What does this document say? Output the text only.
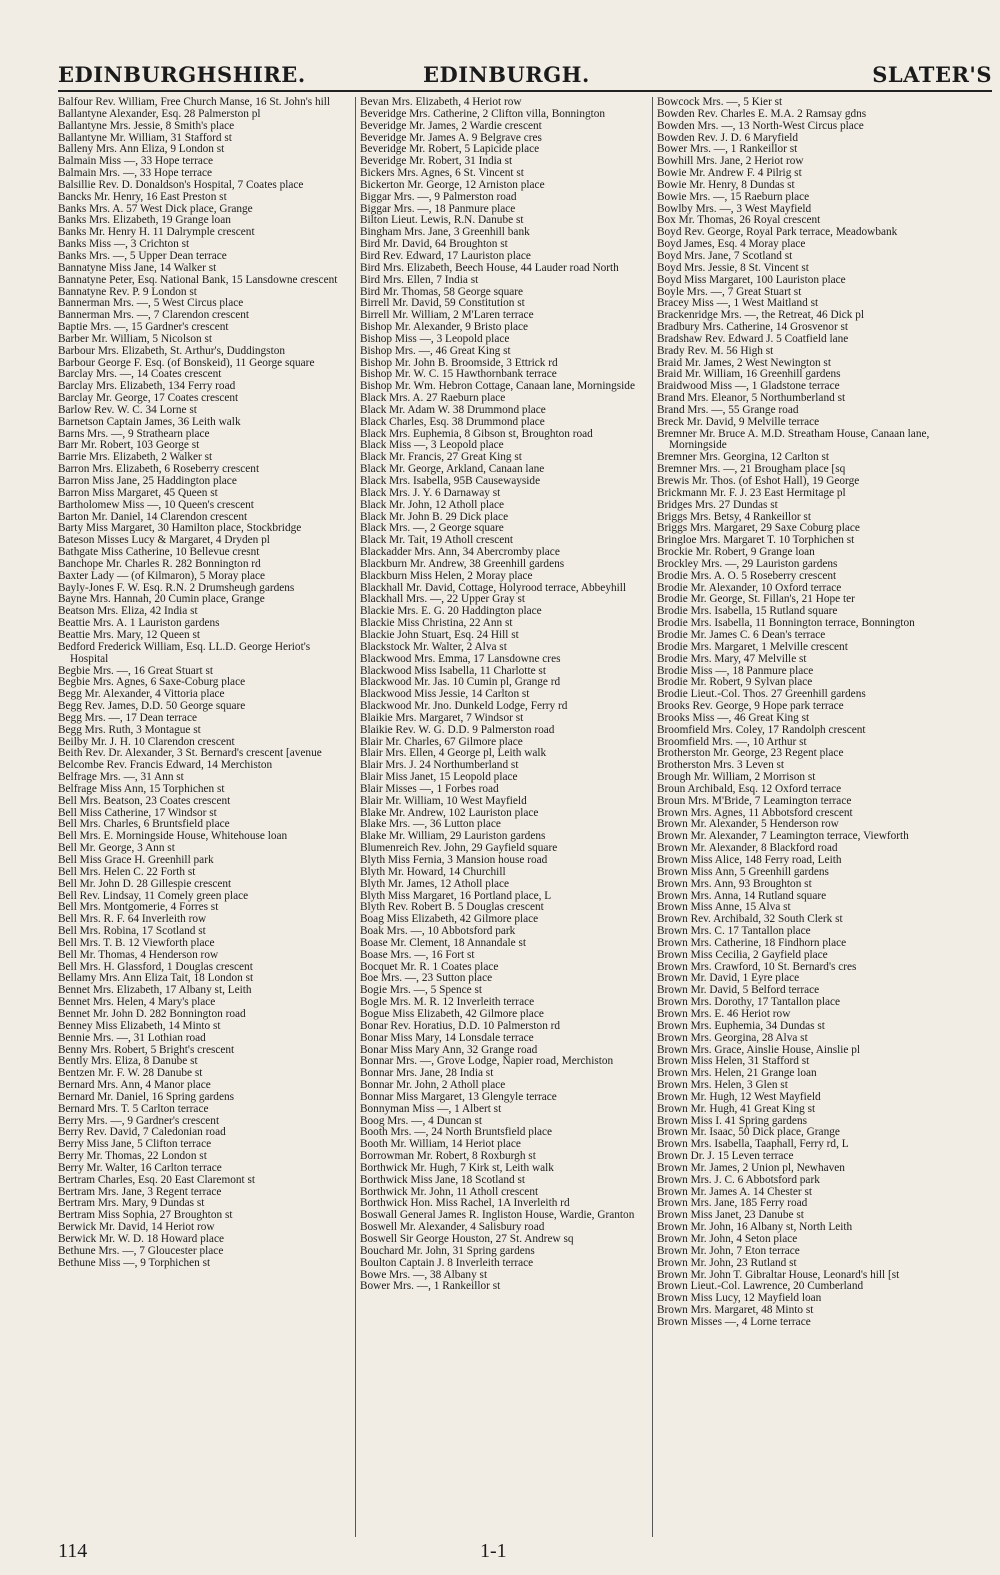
EDINBURGHSHIRE.	EDINBURGH.	SLATER'S
Balfour Rev. William, Free Church Manse, 16 St. John's hill
Ballantyne Alexander, Esq. 28 Palmerston pl
Ballantyne Mrs. Jessie, 8 Smith's place
Ballantyne Mr. William, 31 Stafford st
Balleny Mrs. Ann Eliza, 9 London st
Balmain Miss —, 33 Hope terrace
Balmain Mrs. —, 33 Hope terrace
Balsillie Rev. D. Donaldson's Hospital, 7 Coates place
Bancks Mr. Henry, 16 East Preston st
Banks Mrs. A. 57 West Dick place, Grange
Banks Mrs. Elizabeth, 19 Grange loan
Banks Mr. Henry H. 11 Dalrymple crescent
Banks Miss —, 3 Crichton st
Banks Mrs. —, 5 Upper Dean terrace
Bannatyne Miss Jane, 14 Walker st
Bannatyne Peter, Esq. National Bank, 15 Lansdowne crescent
Bannatyne Rev. P. 9 London st
Bannerman Mrs. —, 5 West Circus place
Bannerman Mrs. —, 7 Clarendon crescent
Baptie Mrs. —, 15 Gardner's crescent
Barber Mr. William, 5 Nicolson st
Barbour Mrs. Elizabeth, St. Arthur's, Duddingston
Barbour George F. Esq. (of Bonskeid), 11 George square
Barclay Mrs. —, 14 Coates crescent
Barclay Mrs. Elizabeth, 134 Ferry road
Barclay Mr. George, 17 Coates crescent
Barlow Rev. W. C. 34 Lorne st
Barnetson Captain James, 36 Leith walk
Barns Mrs. —, 9 Strathearn place
Barr Mr. Robert, 103 George st
Barrie Mrs. Elizabeth, 2 Walker st
Barron Mrs. Elizabeth, 6 Roseberry crescent
Barron Miss Jane, 25 Haddington place
Barron Miss Margaret, 45 Queen st
Bartholomew Miss —, 10 Queen's crescent
Barton Mr. Daniel, 14 Clarendon crescent
Barty Miss Margaret, 30 Hamilton place, Stockbridge
Bateson Misses Lucy & Margaret, 4 Dryden pl
Bathgate Miss Catherine, 10 Bellevue cresnt
Banchope Mr. Charles R. 282 Bonnington rd
Baxter Lady — (of Kilmaron), 5 Moray place
Bayly-Jones F. W. Esq. R.N. 2 Drumsheugh gardens
Bayne Mrs. Hannah, 20 Cumin place, Grange
Beatson Mrs. Eliza, 42 India st
Beattie Mrs. A. 1 Lauriston gardens
Beattie Mrs. Mary, 12 Queen st
Bedford Frederick William, Esq. LL.D. George Heriot's Hospital
Begbie Mrs. —, 16 Great Stuart st
Begbie Mrs. Agnes, 6 Saxe-Coburg place
Begg Mr. Alexander, 4 Vittoria place
Begg Rev. James, D.D. 50 George square
Begg Mrs. —, 17 Dean terrace
Begg Mrs. Ruth, 3 Montague st
Beilby Mr. J. H. 10 Clarendon crescent
Beith Rev. Dr. Alexander, 3 St. Bernard's crescent [avenue
Belcombe Rev. Francis Edward, 14 Merchiston
Belfrage Mrs. —, 31 Ann st
Belfrage Miss Ann, 15 Torphichen st
Bell Mrs. Beatson, 23 Coates crescent
Bell Miss Catherine, 17 Windsor st
Bell Mrs. Charles, 6 Bruntsfield place
Bell Mrs. E. Morningside House, Whitehouse loan
Bell Mr. George, 3 Ann st
Bell Miss Grace H. Greenhill park
Bell Mrs. Helen C. 22 Forth st
Bell Mr. John D. 28 Gillespie crescent
Bell Rev. Lindsay, 11 Comely green place
Bell Mrs. Montgomerie, 4 Forres st
Bell Mrs. R. F. 64 Inverleith row
Bell Mrs. Robina, 17 Scotland st
Bell Mrs. T. B. 12 Viewforth place
Bell Mr. Thomas, 4 Henderson row
Bell Mrs. H. Glassford, 1 Douglas crescent
Bellamy Mrs. Ann Eliza Tait, 18 London st
Bennet Mrs. Elizabeth, 17 Albany st, Leith
Bennet Mrs. Helen, 4 Mary's place
Bennet Mr. John D. 282 Bonnington road
Benney Miss Elizabeth, 14 Minto st
Bennie Mrs. —, 31 Lothian road
Benny Mrs. Robert, 5 Bright's crescent
Bently Mrs. Eliza, 8 Danube st
Bentzen Mr. F. W. 28 Danube st
Bernard Mrs. Ann, 4 Manor place
Bernard Mr. Daniel, 16 Spring gardens
Bernard Mrs. T. 5 Carlton terrace
Berry Mrs. —, 9 Gardner's crescent
Berry Rev. David, 7 Caledonian road
Berry Miss Jane, 5 Clifton terrace
Berry Mr. Thomas, 22 London st
Berry Mr. Walter, 16 Carlton terrace
Bertram Charles, Esq. 20 East Claremont st
Bertram Mrs. Jane, 3 Regent terrace
Bertram Mrs. Mary, 9 Dundas st
Bertram Miss Sophia, 27 Broughton st
Berwick Mr. David, 14 Heriot row
Berwick Mr. W. D. 18 Howard place
Bethune Mrs. —, 7 Gloucester place
Bethune Miss —, 9 Torphichen st
Bevan Mrs. Elizabeth, 4 Heriot row
Beveridge Mrs. Catherine, 2 Clifton villa, Bonnington
Beveridge Mr. James, 2 Wardie crescent
Beveridge Mr. James A. 9 Belgrave cres
Beveridge Mr. Robert, 5 Lapicide place
Beveridge Mr. Robert, 31 India st
Bickers Mrs. Agnes, 6 St. Vincent st
Bickerton Mr. George, 12 Arniston place
Biggar Mrs. —, 9 Palmerston road
Biggar Mrs. —, 18 Panmure place
Bilton Lieut. Lewis, R.N. Danube st
Bingham Mrs. Jane, 3 Greenhill bank
Bird Mr. David, 64 Broughton st
Bird Rev. Edward, 17 Lauriston place
Bird Mrs. Elizabeth, Beech House, 44 Lauder road North
Bird Mrs. Ellen, 7 India st
Bird Mr. Thomas, 58 George square
Birrell Mr. David, 59 Constitution st
Birrell Mr. William, 2 M'Laren terrace
Bishop Mr. Alexander, 9 Bristo place
Bishop Miss —, 3 Leopold place
Bishop Mrs. —, 46 Great King st
Bishop Mr. John B. Broomside, 3 Ettrick rd
Bishop Mr. W. C. 15 Hawthornbank terrace
Bishop Mr. Wm. Hebron Cottage, Canaan lane, Morningside
Black Mrs. A. 27 Raeburn place
Black Mr. Adam W. 38 Drummond place
Black Charles, Esq. 38 Drummond place
Black Mrs. Euphemia, 8 Gibson st, Broughton road
Black Miss —, 3 Leopold place
Black Mr. Francis, 27 Great King st
Black Mr. George, Arkland, Canaan lane
Black Mrs. Isabella, 95B Causewayside
Black Mrs. J. Y. 6 Darnaway st
Black Mr. John, 12 Atholl place
Black Mr. John B. 29 Dick place
Black Mrs. —, 2 George square
Black Mr. Tait, 19 Atholl crescent
Blackadder Mrs. Ann, 34 Abercromby place
Blackburn Mr. Andrew, 38 Greenhill gardens
Blackburn Miss Helen, 2 Moray place
Blackhall Mr. David, Cottage, Holyrood terrace, Abbeyhill
Blackhall Mrs. —, 22 Upper Gray st
Blackie Mrs. E. G. 20 Haddington place
Blackie Miss Christina, 22 Ann st
Blackie John Stuart, Esq. 24 Hill st
Blackstock Mr. Walter, 2 Alva st
Blackwood Mrs. Emma, 17 Lansdowne cres
Blackwood Miss Isabella, 11 Charlotte st
Blackwood Mr. Jas. 10 Cumin pl, Grange rd
Blackwood Miss Jessie, 14 Carlton st
Blackwood Mr. Jno. Dunkeld Lodge, Ferry rd
Blaikie Mrs. Margaret, 7 Windsor st
Blaikie Rev. W. G. D.D. 9 Palmerston road
Blair Mr. Charles, 67 Gilmore place
Blair Mrs. Ellen, 4 George pl, Leith walk
Blair Mrs. J. 24 Northumberland st
Blair Miss Janet, 15 Leopold place
Blair Misses —, 1 Forbes road
Blair Mr. William, 10 West Mayfield
Blake Mr. Andrew, 102 Lauriston place
Blake Mrs. —, 36 Lutton place
Blake Mr. William, 29 Lauriston gardens
Blumenreich Rev. John, 29 Gayfield square
Blyth Miss Fernia, 3 Mansion house road
Blyth Mr. Howard, 14 Churchill
Blyth Mr. James, 12 Atholl place
Blyth Miss Margaret, 16 Portland place, L
Blyth Rev. Robert B. 5 Douglas crescent
Boag Miss Elizabeth, 42 Gilmore place
Boak Mrs. —, 10 Abbotsford park
Boase Mr. Clement, 18 Annandale st
Boase Mrs. —, 16 Fort st
Bocquet Mr. R. 1 Coates place
Boe Mrs. —, 23 Sutton place
Bogie Mrs. —, 5 Spence st
Bogle Mrs. M. R. 12 Inverleith terrace
Bogue Miss Elizabeth, 42 Gilmore place
Bonar Rev. Horatius, D.D. 10 Palmerston rd
Bonar Miss Mary, 14 Lonsdale terrace
Bonar Miss Mary Ann, 32 Grange road
Bonnar Mrs. —, Grove Lodge, Napier road, Merchiston
Bonnar Mrs. Jane, 28 India st
Bonnar Mr. John, 2 Atholl place
Bonnar Miss Margaret, 13 Glengyle terrace
Bonnyman Miss —, 1 Albert st
Boog Mrs. —, 4 Duncan st
Booth Mrs. —, 24 North Bruntsfield place
Booth Mr. William, 14 Heriot place
Borrowman Mr. Robert, 8 Roxburgh st
Borthwick Mr. Hugh, 7 Kirk st, Leith walk
Borthwick Miss Jane, 18 Scotland st
Borthwick Mr. John, 11 Atholl crescent
Borthwick Hon. Miss Rachel, 1A Inverleith rd
Boswall General James R. Ingliston House, Wardie, Granton
Boswell Mr. Alexander, 4 Salisbury road
Boswell Sir George Houston, 27 St. Andrew sq
Bouchard Mr. John, 31 Spring gardens
Boulton Captain J. 8 Inverleith terrace
Bowe Mrs. —, 38 Albany st
Bower Mrs. —, 1 Rankeillor st
Bowcock Mrs. —, 5 Kier st
Bowden Rev. Charles E. M.A. 2 Ramsay gdns
Bowden Mrs. —, 13 North-West Circus place
Bowden Rev. J. D. 6 Maryfield
Bower Mrs. —, 1 Rankeillor st
Bowhill Mrs. Jane, 2 Heriot row
Bowie Mr. Andrew F. 4 Pilrig st
Bowie Mr. Henry, 8 Dundas st
Bowie Mrs. —, 15 Raeburn place
Bowlby Mrs. —, 3 West Mayfield
Box Mr. Thomas, 26 Royal crescent
Boyd Rev. George, Royal Park terrace, Meadowbank
Boyd James, Esq. 4 Moray place
Boyd Mrs. Jane, 7 Scotland st
Boyd Mrs. Jessie, 8 St. Vincent st
Boyd Miss Margaret, 100 Lauriston place
Boyle Mrs. —, 7 Great Stuart st
Bracey Miss —, 1 West Maitland st
Brackenridge Mrs. —, the Retreat, 46 Dick pl
Bradbury Mrs. Catherine, 14 Grosvenor st
Bradshaw Rev. Edward J. 5 Coatfield lane
Brady Rev. M. 56 High st
Braid Mr. James, 2 West Newington st
Braid Mr. William, 16 Greenhill gardens
Braidwood Miss —, 1 Gladstone terrace
Brand Mrs. Eleanor, 5 Northumberland st
Brand Mrs. —, 55 Grange road
Breck Mr. David, 9 Melville terrace
Bremner Mr. Bruce A. M.D. Streatham House, Canaan lane, Morningside
Bremner Mrs. Georgina, 12 Carlton st
Bremner Mrs. —, 21 Brougham place [sq
Brewis Mr. Thos. (of Eshot Hall), 19 George
Brickmann Mr. F. J. 23 East Hermitage pl
Bridges Mrs. 27 Dundas st
Briggs Mrs. Betsy, 4 Rankeillor st
Briggs Mrs. Margaret, 29 Saxe Coburg place
Bringloe Mrs. Margaret T. 10 Torphichen st
Brockie Mr. Robert, 9 Grange loan
Brockley Mrs. —, 29 Lauriston gardens
Brodie Mrs. A. O. 5 Roseberry crescent
Brodie Mr. Alexander, 10 Oxford terrace
Brodie Mr. George, St. Fillan's, 21 Hope ter
Brodie Mrs. Isabella, 15 Rutland square
Brodie Mrs. Isabella, 11 Bonnington terrace, Bonnington
Brodie Mr. James C. 6 Dean's terrace
Brodie Mrs. Margaret, 1 Melville crescent
Brodie Mrs. Mary, 47 Melville st
Brodie Miss —, 18 Panmure place
Brodie Mr. Robert, 9 Sylvan place
Brodie Lieut.-Col. Thos. 27 Greenhill gardens
Brooks Rev. George, 9 Hope park terrace
Brooks Miss —, 46 Great King st
Broomfield Mrs. Coley, 17 Randolph crescent
Broomfield Mrs. —, 10 Arthur st
Brotherston Mr. George, 23 Regent place
Brotherston Mrs. 3 Leven st
Brough Mr. William, 2 Morrison st
Broun Archibald, Esq. 12 Oxford terrace
Broun Mrs. M'Bride, 7 Leamington terrace
Brown Mrs. Agnes, 11 Abbotsford crescent
Brown Mr. Alexander, 5 Henderson row
Brown Mr. Alexander, 7 Leamington terrace, Viewforth
Brown Mr. Alexander, 8 Blackford road
Brown Miss Alice, 148 Ferry road, Leith
Brown Miss Ann, 5 Greenhill gardens
Brown Mrs. Ann, 93 Broughton st
Brown Mrs. Anna, 14 Rutland square
Brown Miss Anne, 15 Alva st
Brown Rev. Archibald, 32 South Clerk st
Brown Mrs. C. 17 Tantallon place
Brown Mrs. Catherine, 18 Findhorn place
Brown Miss Cecilia, 2 Gayfield place
Brown Mrs. Crawford, 10 St. Bernard's cres
Brown Mr. David, 1 Eyre place
Brown Mr. David, 5 Belford terrace
Brown Mrs. Dorothy, 17 Tantallon place
Brown Mrs. E. 46 Heriot row
Brown Mrs. Euphemia, 34 Dundas st
Brown Mrs. Georgina, 28 Alva st
Brown Mrs. Grace, Ainslie House, Ainslie pl
Brown Miss Helen, 31 Stafford st
Brown Mrs. Helen, 21 Grange loan
Brown Mrs. Helen, 3 Glen st
Brown Mr. Hugh, 12 West Mayfield
Brown Mr. Hugh, 41 Great King st
Brown Miss I. 41 Spring gardens
Brown Mr. Isaac, 50 Dick place, Grange
Brown Mrs. Isabella, Taaphall, Ferry rd, L
Brown Dr. J. 15 Leven terrace
Brown Mr. James, 2 Union pl, Newhaven
Brown Mrs. J. C. 6 Abbotsford park
Brown Mr. James A. 14 Chester st
Brown Mrs. Jane, 185 Ferry road
Brown Miss Janet, 23 Danube st
Brown Mr. John, 16 Albany st, North Leith
Brown Mr. John, 4 Seton place
Brown Mr. John, 7 Eton terrace
Brown Mr. John, 23 Rutland st
Brown Mr. John T. Gibraltar House, Leonard's hill [st
Brown Lieut.-Col. Lawrence, 20 Cumberland
Brown Miss Lucy, 12 Mayfield loan
Brown Mrs. Margaret, 48 Minto st
Brown Misses —, 4 Lorne terrace
114	1-1
